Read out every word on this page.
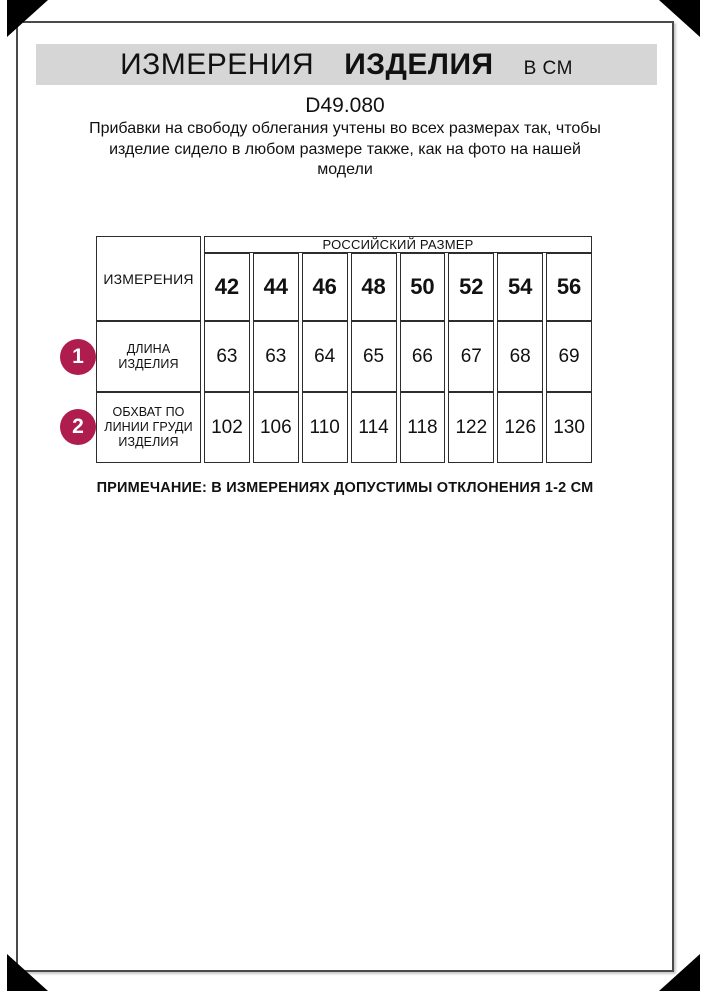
ИЗМЕРЕНИЯ ИЗДЕЛИЯ В СМ
D49.080
Прибавки на свободу облегания учтены во всех размерах так, чтобы
изделие сидело в любом размере также, как на фото на нашей
модели
ИЗМЕРЕНИЯ	РОССИЙСКИЙ РАЗМЕР							
	42	44	46	48	50	52	54	56
ДЛИНА
ИЗДЕЛИЯ	63	63	64	65	66	67	68	69
ОБХВАТ ПО
ЛИНИИ ГРУДИ
ИЗДЕЛИЯ	102	106	110	114	118	122	126	130
1
2
ПРИМЕЧАНИЕ: В ИЗМЕРЕНИЯХ ДОПУСТИМЫ ОТКЛОНЕНИЯ 1-2 СМ
